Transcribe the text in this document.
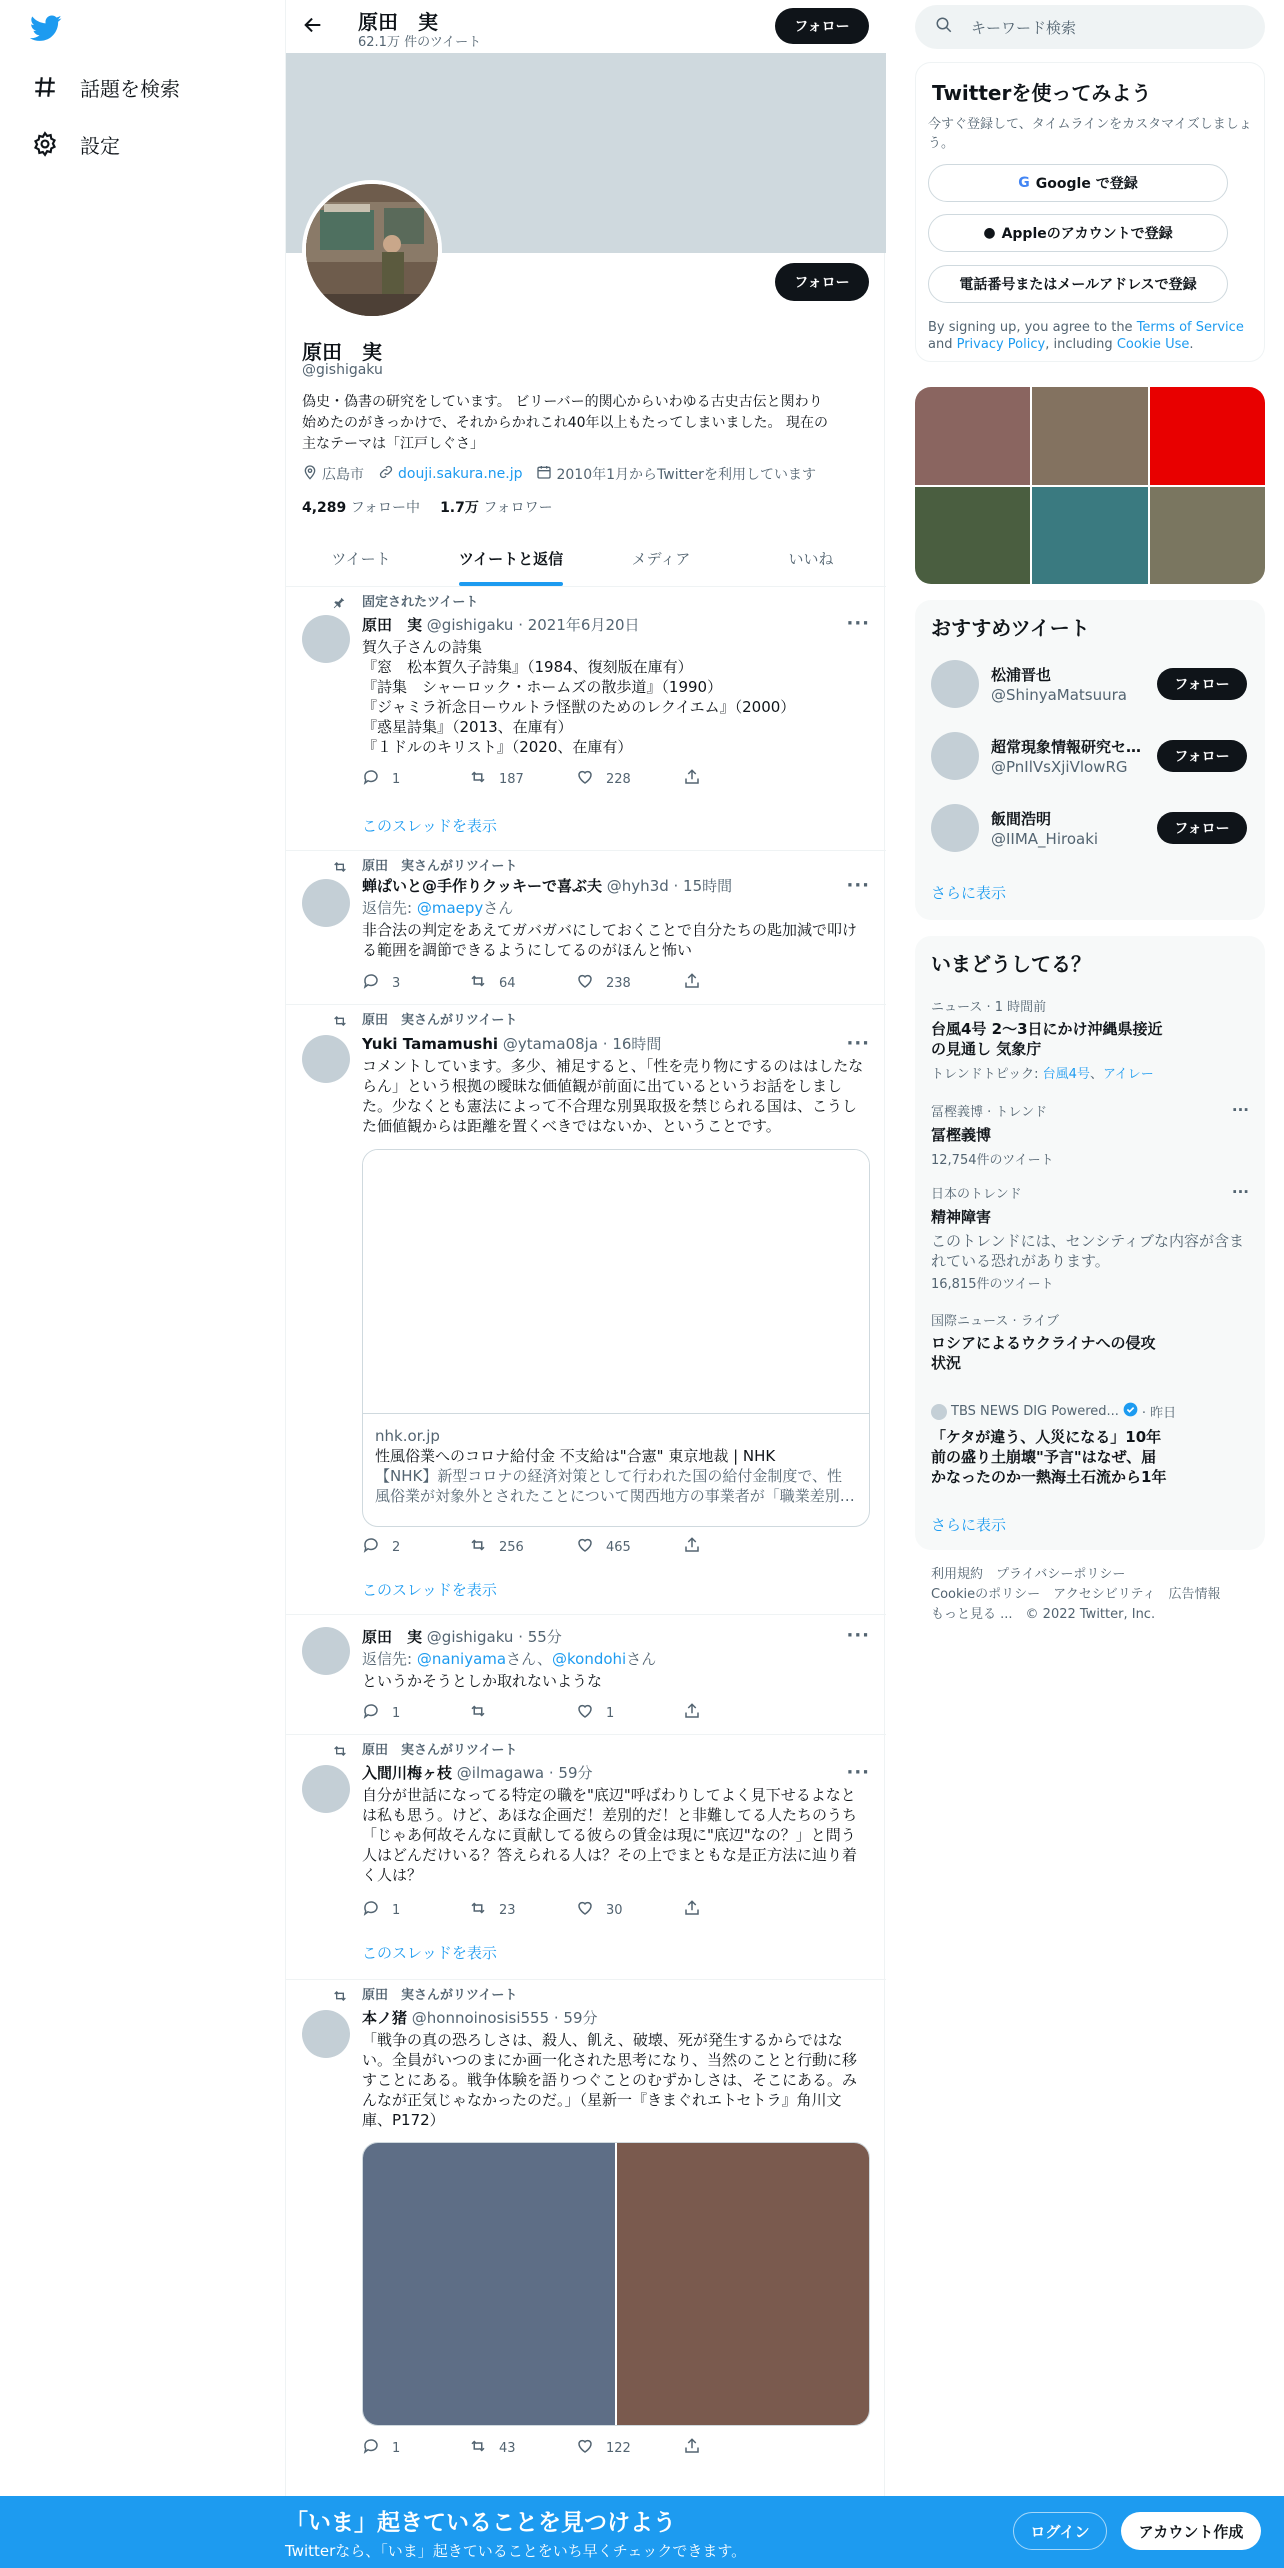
話題を検索
設定
原田　実
62.1万 件のツイート
フォロー
フォロー
原田　実
@gishigaku
偽史・偽書の研究をしています。 ビリーバー的関心からいわゆる古史古伝と関わり
始めたのがきっかけで、それからかれこれ40年以上もたってしまいました。 現在の
主なテーマは「江戸しぐさ」
広島市 douji.sakura.ne.jp 2010年1月からTwitterを利用しています
4,289 フォロー中 1.7万 フォロワー
ツイート	ツイートと返信	メディア	いいね
固定されたツイート
原田　実 @gishigaku · 2021年6月20日	···
賀久子さんの詩集
『窓　松本賀久子詩集』（1984、復刻版在庫有）
『詩集　シャーロック・ホームズの散歩道』（1990）
『ジャミラ祈念日ーウルトラ怪獣のためのレクイエム』（2000）
『惑星詩集』（2013、在庫有）
『１ドルのキリスト』（2020、在庫有）
1	187	228
このスレッドを表示
原田　実さんがリツイート
蝉ぱいと@手作りクッキーで喜ぶ夫 @hyh3d · 15時間	···
返信先: @maepyさん
非合法の判定をあえてガバガバにしておくことで自分たちの匙加減で叩け
る範囲を調節できるようにしてるのがほんと怖い
3	64	238
原田　実さんがリツイート
Yuki Tamamushi @ytama08ja · 16時間	···
コメントしています。多少、補足すると、「性を売り物にするのははしたな
らん」という根拠の曖昧な価値観が前面に出ているというお話をしまし
た。少なくとも憲法によって不合理な別異取扱を禁じられる国は、こうし
た価値観からは距離を置くべきではないか、ということです。
nhk.or.jp
性風俗業へのコロナ給付金 不支給は"合憲" 東京地裁 | NHK
【NHK】新型コロナの経済対策として行われた国の給付金制度で、性
風俗業が対象外とされたことについて関西地方の事業者が「職業差別…
2	256	465
このスレッドを表示
原田　実 @gishigaku · 55分	···
返信先: @naniyamaさん、@kondohiさん
というかそうとしか取れないような
1	1
原田　実さんがリツイート
入間川梅ヶ枝 @ilmagawa · 59分	···
自分が世話になってる特定の職を"底辺"呼ばわりしてよく見下せるよなと
は私も思う。けど、あほな企画だ！差別的だ！と非難してる人たちのうち
「じゃあ何故そんなに貢献してる彼らの賃金は現に"底辺"なの？」と問う
人はどんだけいる？答えられる人は？その上でまともな是正方法に辿り着
く人は？
1	23	30
このスレッドを表示
原田　実さんがリツイート
本ノ猪 @honnoinosisi555 · 59分
「戦争の真の恐ろしさは、殺人、飢え、破壊、死が発生するからではな
い。全員がいつのまにか画一化された思考になり、当然のことと行動に移
すことにある。戦争体験を語りつぐことのむずかしさは、そこにある。み
んなが正気じゃなかったのだ。」（星新一『きまぐれエトセトラ』角川文
庫、P172）
1	43	122
キーワード検索
Twitterを使ってみよう
今すぐ登録して、タイムラインをカスタマイズしましょう。
G Google で登録
● Appleのアカウントで登録
電話番号またはメールアドレスで登録
By signing up, you agree to the Terms of Service and Privacy Policy, including Cookie Use.
おすすめツイート
松浦晋也
@ShinyaMatsuura
フォロー
超常現象情報研究セ…
@PnIlVsXjiVlowRG
フォロー
飯間浩明
@IIMA_Hiroaki
フォロー
さらに表示
いまどうしてる？
ニュース · 1 時間前
台風4号 2〜3日にかけ沖縄県接近
の見通し 気象庁
トレンドトピック: 台風4号、アイレー
冨樫義博 · トレンド
冨樫義博
12,754件のツイート
···
日本のトレンド
精神障害
このトレンドには、センシティブな内容が含ま
れている恐れがあります。
16,815件のツイート
···
国際ニュース · ライブ
ロシアによるウクライナへの侵攻
状況
TBS NEWS DIG Powered... · 昨日
「ケタが違う、人災になる」10年
前の盛り土崩壊"予言"はなぜ、届
かなったのか一熱海土石流から1年
さらに表示
利用規約　 プライバシーポリシー
Cookieのポリシー　 アクセシビリティ　 広告情報
もっと見る ...　 © 2022 Twitter, Inc.
「いま」起きていることを見つけよう
Twitterなら、「いま」起きていることをいち早くチェックできます。
ログイン	アカウント作成
